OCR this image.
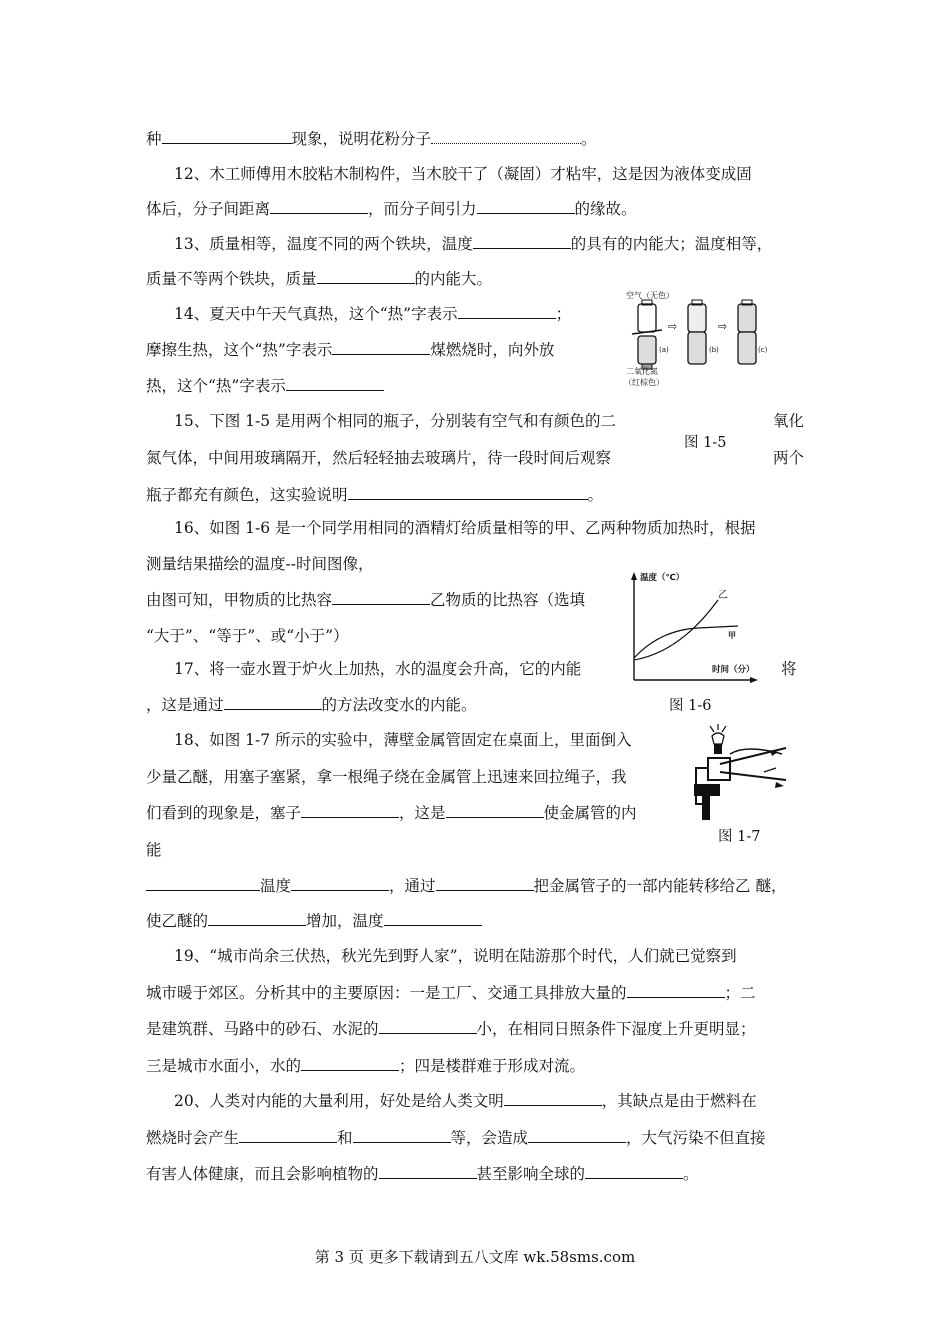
种	现象，说明花粉分子	。
12、木工师傅用木胶粘木制构件，当木胶干了（凝固）才粘牢，这是因为液体变成固
体后，分子间距离	，而分子间引力	的缘故。
13、质量相等，温度不同的两个铁块，温度	的具有的内能大；温度相等，
质量不等两个铁块，质量	的内能大。
14、夏天中午天气真热，这个“热”字表示	；
摩擦生热，这个“热”字表示	煤燃烧时，向外放
热，这个“热”字表示
空气（无色）
(a)
⇨
(b)
⇨
(c)
二氧化氮
（红棕色）
15、下图 1-5 是用两个相同的瓶子，分别装有空气和有颜色的二	氧化
图 1-5
氮气体，中间用玻璃隔开，然后轻轻抽去玻璃片，待一段时间后观察	两个
瓶子都充有颜色，这实验说明	。
16、如图 1-6 是一个同学用相同的酒精灯给质量相等的甲、乙两种物质加热时，根据
测量结果描绘的温度--时间图像，
由图可知，甲物质的比热容	乙物质的比热容（选填
“大于”、“等于”、或“小于”）
温度（℃）
时间（分）
乙
甲
17、将一壶水置于炉火上加热，水的温度会升高，它的内能	将
图 1-6
，这是通过	的方法改变水的内能。
18、如图 1-7 所示的实验中，薄壁金属管固定在桌面上，里面倒入
少量乙醚，用塞子塞紧，拿一根绳子绕在金属管上迅速来回拉绳子，我
们看到的现象是，塞子	，这是	使金属管的内
图 1-7
能
温度	，通过	把金属管子的一部内能转移给乙 醚，
使乙醚的	增加，温度
19、“城市尚余三伏热，秋光先到野人家”，说明在陆游那个时代，人们就已觉察到
城市暖于郊区。分析其中的主要原因：一是工厂、交通工具排放大量的	；二
是建筑群、马路中的砂石、水泥的	小，在相同日照条件下湿度上升更明显；
三是城市水面小，水的	；四是楼群难于形成对流。
20、人类对内能的大量利用，好处是给人类文明	，其缺点是由于燃料在
燃烧时会产生	和	等，会造成	，大气污染不但直接
有害人体健康，而且会影响植物的	甚至影响全球的	。
第 3 页 更多下载请到五八文库 wk.58sms.com
